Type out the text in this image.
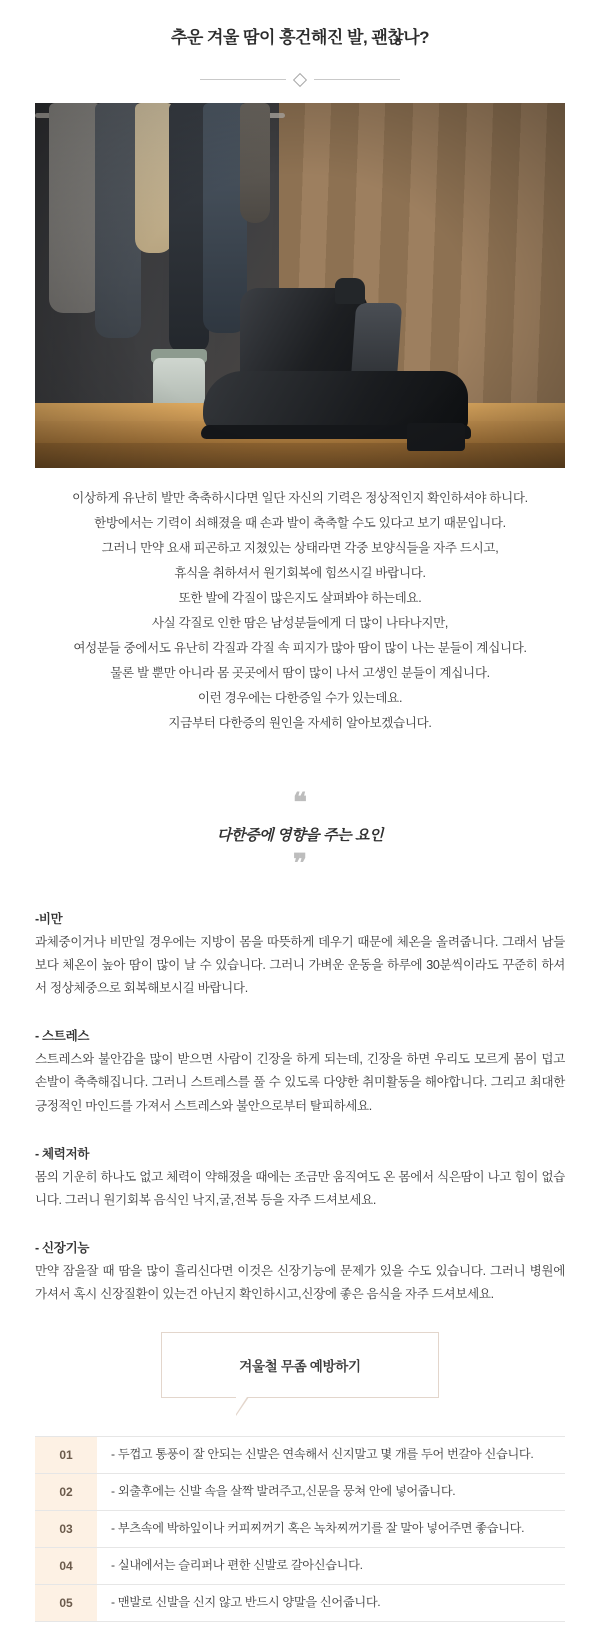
추운 겨울 땀이 흥건해진 발, 괜찮나?
이상하게 유난히 발만 축축하시다면 일단 자신의 기력은 정상적인지 확인하셔야 하니다.
한방에서는 기력이 쇠해졌을 때 손과 발이 축축할 수도 있다고 보기 때문입니다.
그러니 만약 요새 피곤하고 지쳤있는 상태라면 각중 보양식들을 자주 드시고,
휴식을 취하셔서 원기회복에 힘쓰시길 바랍니다.
또한 발에 각질이 많은지도 살펴봐야 하는데요.
사실 각질로 인한 땀은 남성분들에게 더 많이 나타나지만,
여성분들 중에서도 유난히 각질과 각질 속 피지가 많아 땀이 많이 나는 분들이 계십니다.
물론 발 뿐만 아니라 몸 곳곳에서 땀이 많이 나서 고생인 분들이 계십니다.
이런 경우에는 다한증일 수가 있는데요.
지금부터 다한증의 원인을 자세히 알아보겠습니다.
❝
다한증에 영향을 주는 요인
❞
-비만

과체중이거나 비만일 경우에는 지방이 몸을 따뜻하게 데우기 때문에 체온을 올려줍니다. 그래서 남들보다 체온이 높아 땀이 많이 날 수 있습니다. 그러니 가벼운 운동을 하루에 30분씩이라도 꾸준히 하셔서 정상체중으로 회복해보시길 바랍니다.

- 스트레스

스트레스와 불안감을 많이 받으면 사람이 긴장을 하게 되는데, 긴장을 하면 우리도 모르게 몸이 덥고 손발이 축축해집니다. 그러니 스트레스를 풀 수 있도록 다양한 취미활동을 해야합니다. 그리고 최대한 긍정적인 마인드를 가져서 스트레스와 불안으로부터 탈피하세요.

- 체력저하

몸의 기운히 하나도 없고 체력이 약해졌을 때에는 조금만 움직여도 온 몸에서 식은땀이 나고 힘이 없습니다. 그러니 원기회복 음식인 낙지,굴,전복 등을 자주 드셔보세요.

- 신장기능

만약 잠을잘 때 땀을 많이 흘리신다면 이것은 신장기능에 문제가 있을 수도 있습니다. 그러니 병원에 가셔서 혹시 신장질환이 있는건 아닌지 확인하시고,신장에 좋은 음식을 자주 드셔보세요.

겨울철 무좀 예방하기
01	- 두껍고 통풍이 잘 안되는 신발은 연속해서 신지말고 몇 개를 두어 번갈아 신습니다.
02	- 외출후에는 신발 속을 살짝 발려주고,신문을 뭉쳐 안에 넣어줍니다.
03	- 부츠속에 박하잎이나 커피찌꺼기 혹은 녹차찌꺼기를 잘 말아 넣어주면 좋습니다.
04	- 실내에서는 슬리퍼나 편한 신발로 갈아신습니다.
05	- 맨발로 신발을 신지 않고 반드시 양말을 신어줍니다.
